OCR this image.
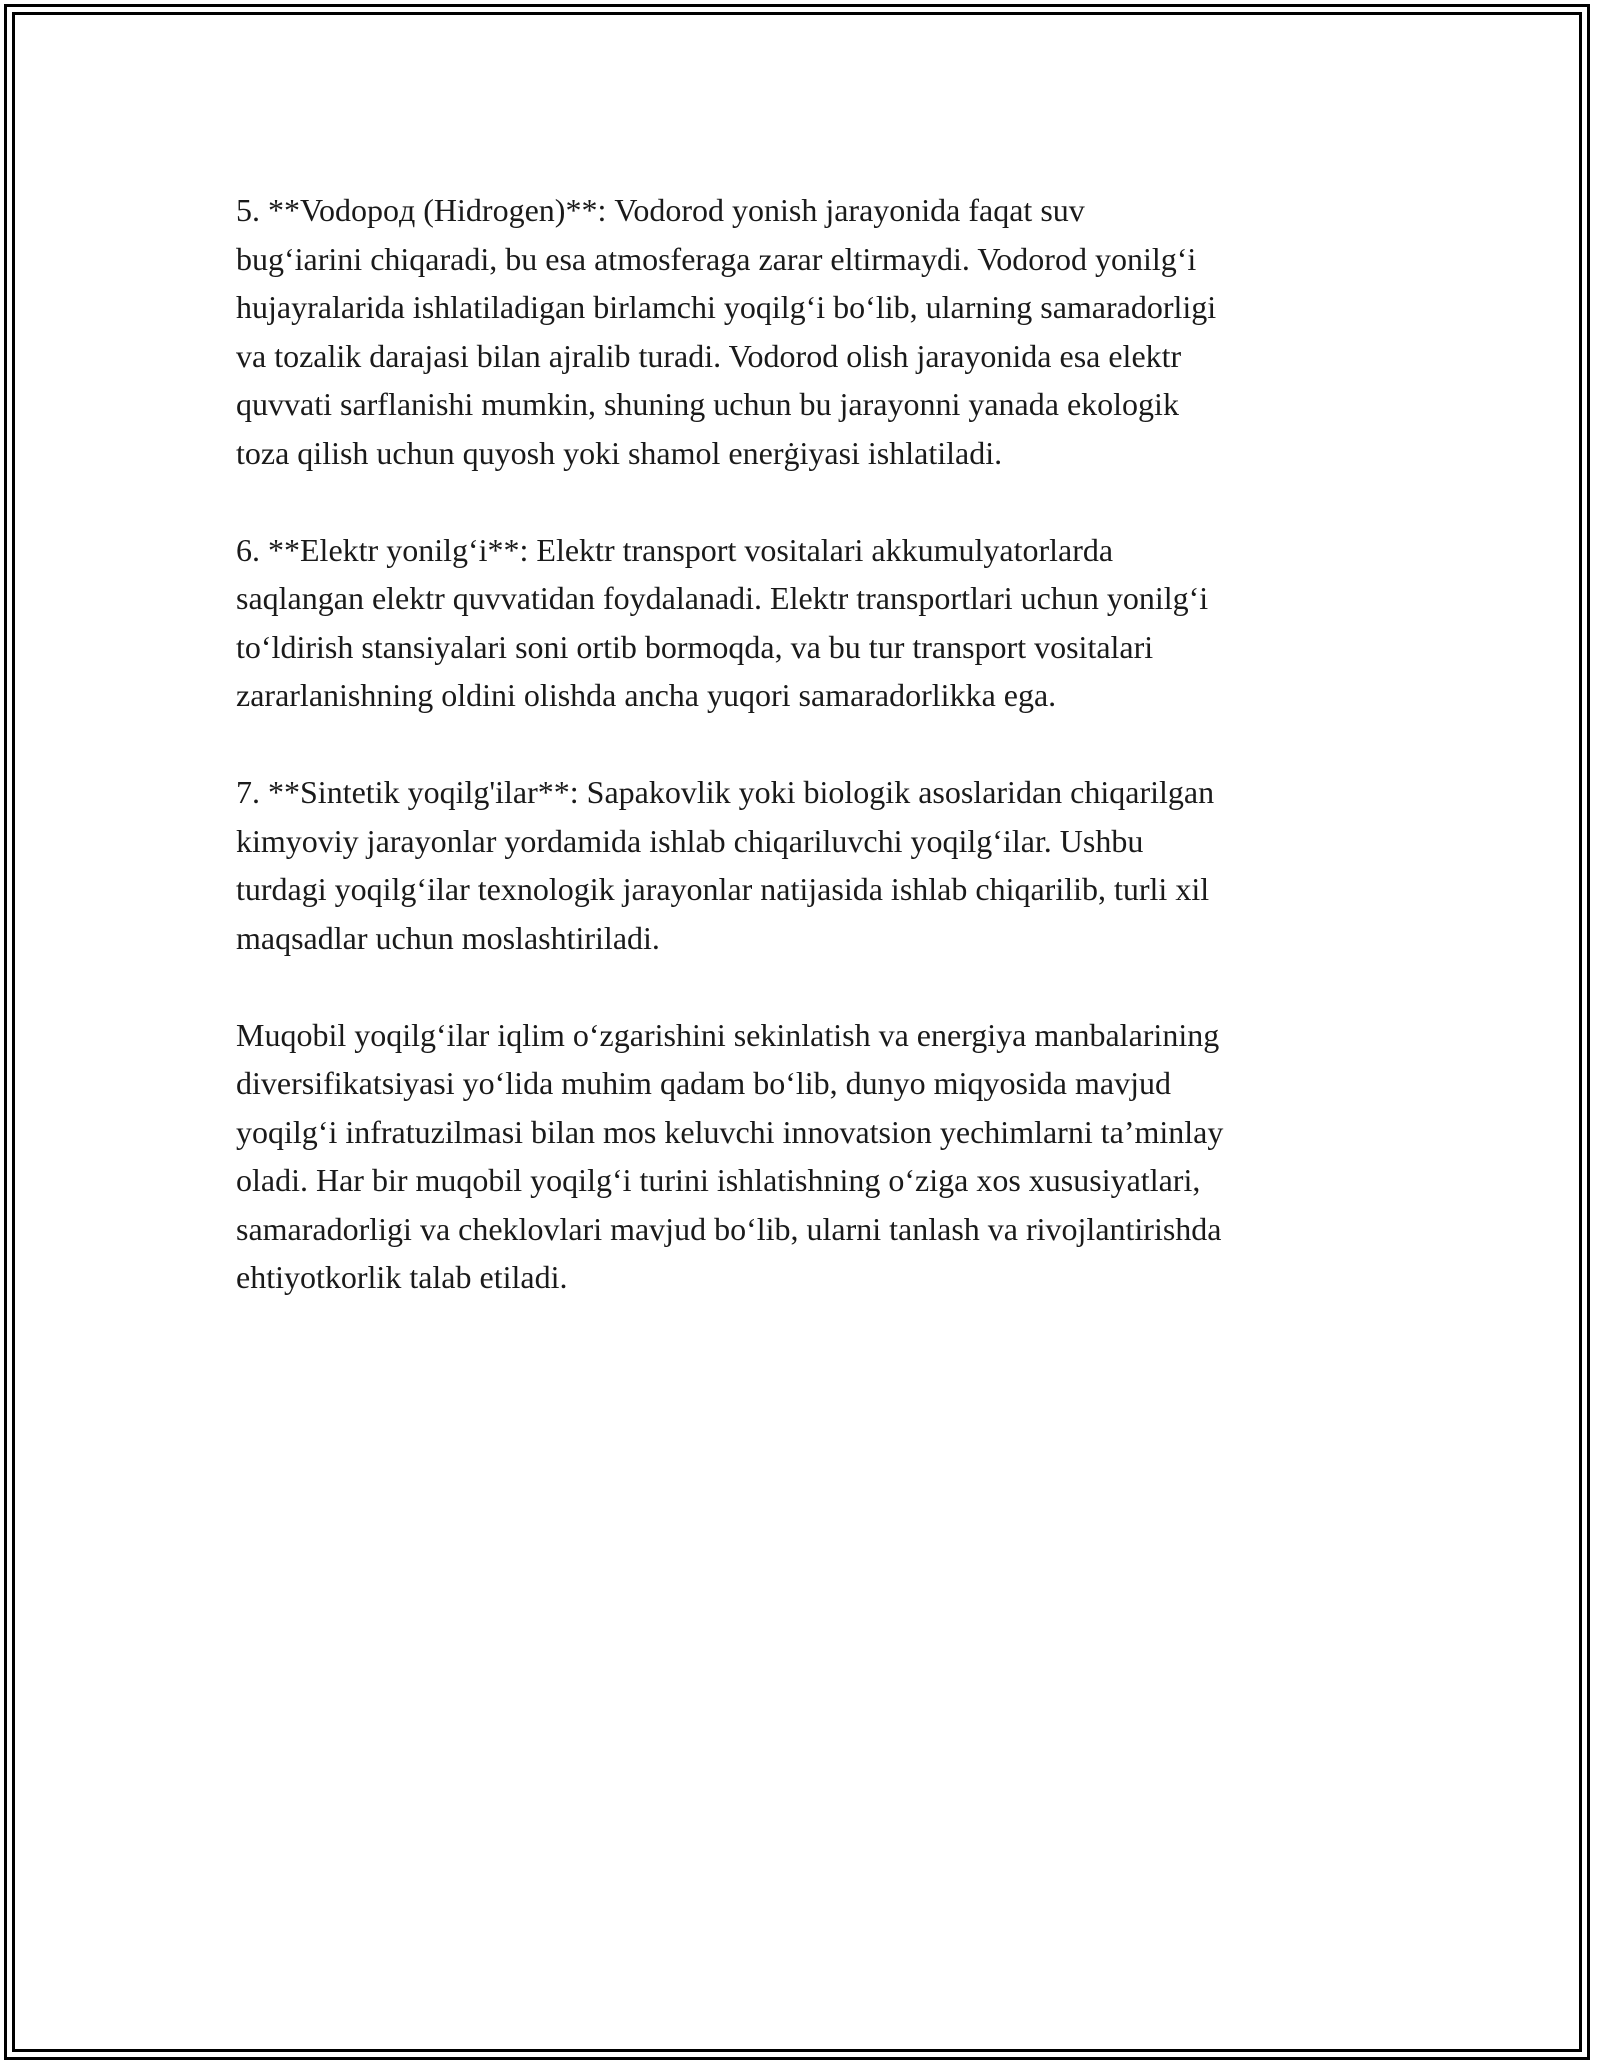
5. **Vodopoд (Hidrogen)**: Vodorod yonish jarayonida faqat suv
bug‘iarini chiqaradi, bu esa atmosferaga zarar eltirmaydi. Vodorod yonilg‘i
hujayralarida ishlatiladigan birlamchi yoqilg‘i bo‘lib, ularning samaradorligi
va tozalik darajasi bilan ajralib turadi. Vodorod olish jarayonida esa elektr
quvvati sarflanishi mumkin, shuning uchun bu jarayonni yanada ekologik
toza qilish uchun quyosh yoki shamol enerġiyasi ishlatiladi.

6. **Elektr yonilg‘i**: Elektr transport vositalari akkumulyatorlarda
saqlangan elektr quvvatidan foydalanadi. Elektr transportlari uchun yonilg‘i
to‘ldirish stansiyalari soni ortib bormoqda, va bu tur transport vositalari
zararlanishning oldini olishda ancha yuqori samaradorlikka ega.

7. **Sintetik yoqilg'ilar**: Sapakovlik yoki biologik asoslaridan chiqarilgan
kimyoviy jarayonlar yordamida ishlab chiqariluvchi yoqilg‘ilar. Ushbu
turdagi yoqilg‘ilar texnologik jarayonlar natijasida ishlab chiqarilib, turli xil
maqsadlar uchun moslashtiriladi.

Muqobil yoqilg‘ilar iqlim o‘zgarishini sekinlatish va energiya manbalarining
diversifikatsiyasi yo‘lida muhim qadam bo‘lib, dunyo miqyosida mavjud
yoqilg‘i infratuzilmasi bilan mos keluvchi innovatsion yechimlarni ta’minlay
oladi. Har bir muqobil yoqilg‘i turini ishlatishning o‘ziga xos xususiyatlari,
samaradorligi va cheklovlari mavjud bo‘lib, ularni tanlash va rivojlantirishda
ehtiyotkorlik talab etiladi.
